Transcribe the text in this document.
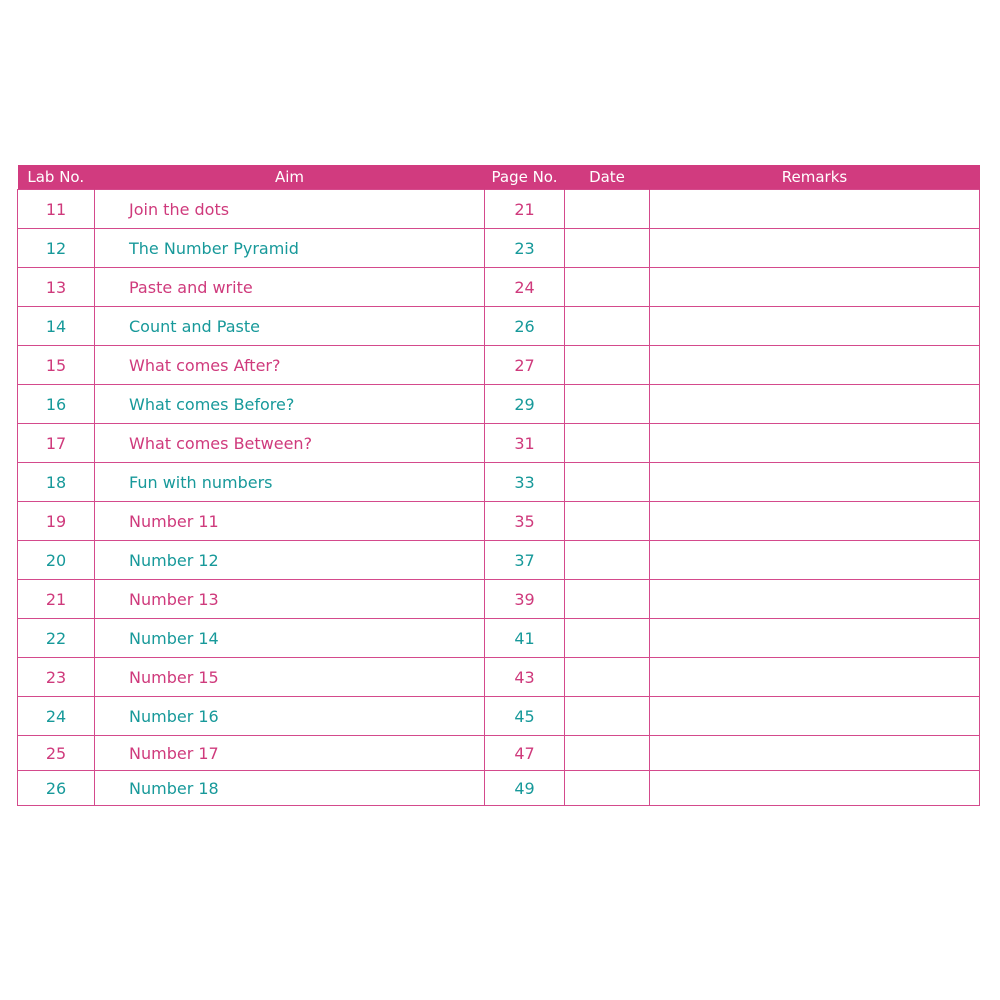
Lab No.	Aim	Page No.	Date	Remarks
11	Join the dots	21		
12	The Number Pyramid	23		
13	Paste and write	24		
14	Count and Paste	26		
15	What comes After?	27		
16	What comes Before?	29		
17	What comes Between?	31		
18	Fun with numbers	33		
19	Number 11	35		
20	Number 12	37		
21	Number 13	39		
22	Number 14	41		
23	Number 15	43		
24	Number 16	45		
25	Number 17	47		
26	Number 18	49		
